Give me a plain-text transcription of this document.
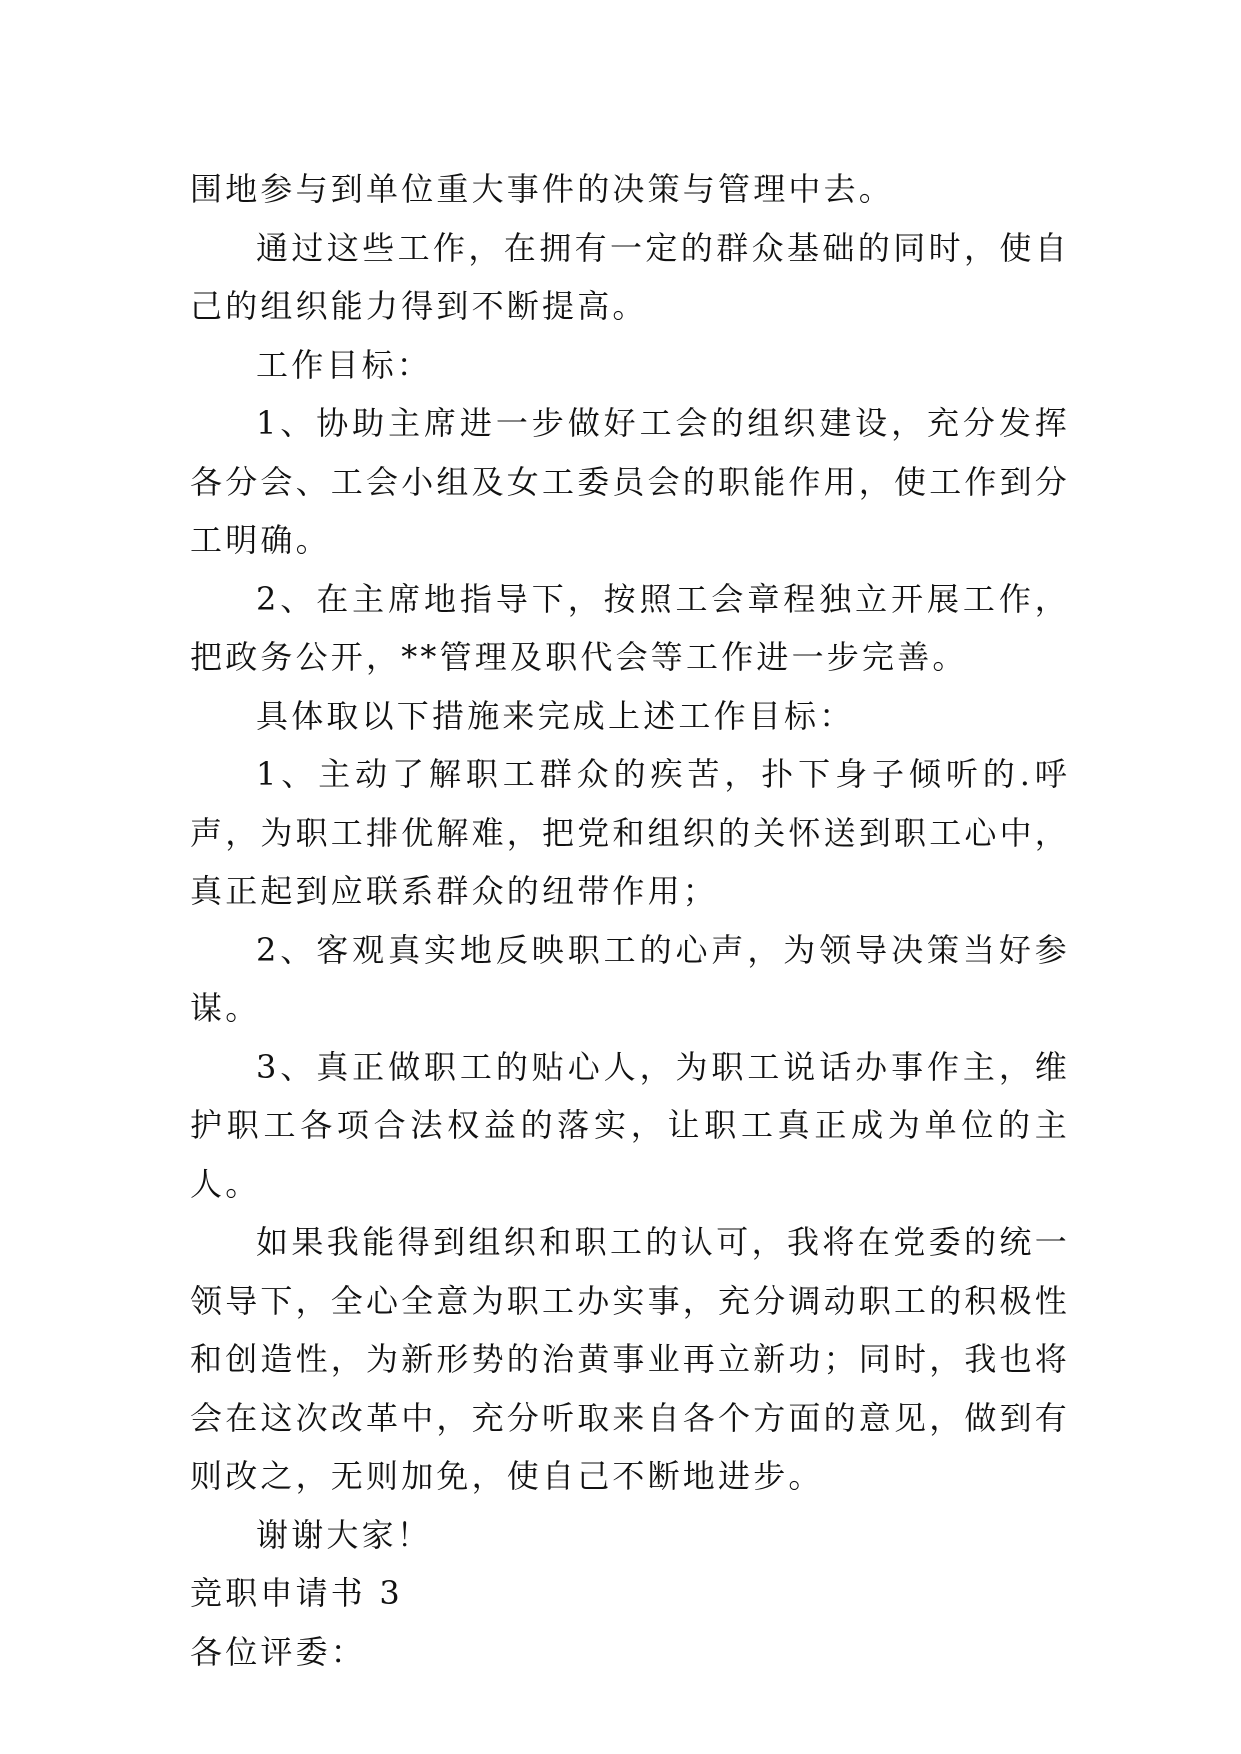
围地参与到单位重大事件的决策与管理中去。

通过这些工作，在拥有一定的群众基础的同时，使自己的组织能力得到不断提高。

工作目标：

1、协助主席进一步做好工会的组织建设，充分发挥各分会、工会小组及女工委员会的职能作用，使工作到分工明确。

2、在主席地指导下，按照工会章程独立开展工作，把政务公开，**管理及职代会等工作进一步完善。

具体取以下措施来完成上述工作目标：

1、主动了解职工群众的疾苦，扑下身子倾听的.呼声，为职工排优解难，把党和组织的关怀送到职工心中，真正起到应联系群众的纽带作用；

2、客观真实地反映职工的心声，为领导决策当好参谋。

3、真正做职工的贴心人，为职工说话办事作主，维护职工各项合法权益的落实，让职工真正成为单位的主人。

如果我能得到组织和职工的认可，我将在党委的统一领导下，全心全意为职工办实事，充分调动职工的积极性和创造性，为新形势的治黄事业再立新功；同时，我也将会在这次改革中，充分听取来自各个方面的意见，做到有则改之，无则加免，使自己不断地进步。

谢谢大家！

竞职申请书 3

各位评委：
